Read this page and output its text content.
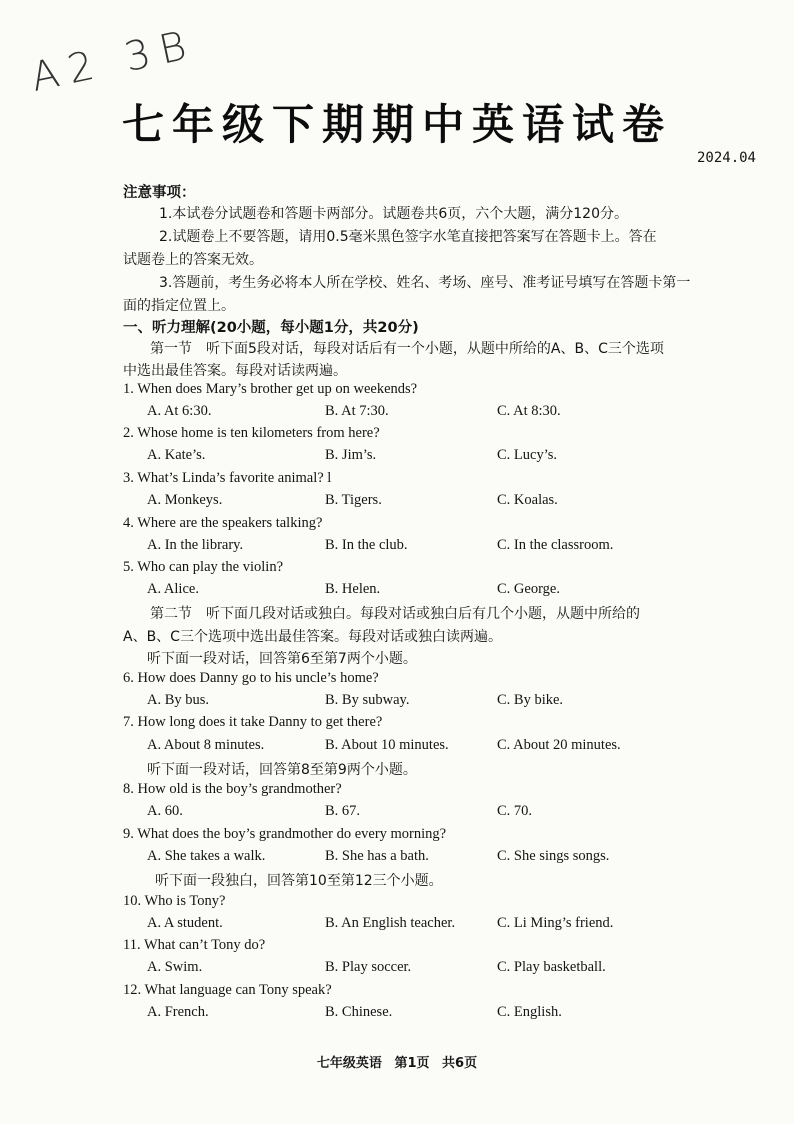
A2 3B
七年级下期期中英语试卷
2024.04
注意事项：
1.本试卷分试题卷和答题卡两部分。试题卷共6页，六个大题，满分120分。
2.试题卷上不要答题，请用0.5毫米黑色签字水笔直接把答案写在答题卡上。答在
试题卷上的答案无效。
3.答题前，考生务必将本人所在学校、姓名、考场、座号、准考证号填写在答题卡第一
面的指定位置上。
一、听力理解(20小题，每小题1分，共20分)
第一节　听下面5段对话，每段对话后有一个小题，从题中所给的A、B、C三个选项
中选出最佳答案。每段对话读两遍。
1. When does Mary’s brother get up on weekends?
A. At 6:30.	B. At 7:30.	C. At 8:30.
2. Whose home is ten kilometers from here?
A. Kate’s.	B. Jim’s.	C. Lucy’s.
3. What’s Linda’s favorite animal? l
A. Monkeys.	B. Tigers.	C. Koalas.
4. Where are the speakers talking?
A. In the library.	B. In the club.	C. In the classroom.
5. Who can play the violin?
A. Alice.	B. Helen.	C. George.
第二节　听下面几段对话或独白。每段对话或独白后有几个小题，从题中所给的
A、B、C三个选项中选出最佳答案。每段对话或独白读两遍。
听下面一段对话，回答第6至第7两个小题。
6. How does Danny go to his uncle’s home?
A. By bus.	B. By subway.	C. By bike.
7. How long does it take Danny to get there?
A. About 8 minutes.	B. About 10 minutes.	C. About 20 minutes.
听下面一段对话，回答第8至第9两个小题。
8. How old is the boy’s grandmother?
A. 60.	B. 67.	C. 70.
9. What does the boy’s grandmother do every morning?
A. She takes a walk.	B. She has a bath.	C. She sings songs.
听下面一段独白，回答第10至第12三个小题。
10. Who is Tony?
A. A student.	B. An English teacher.	C. Li Ming’s friend.
11. What can’t Tony do?
A. Swim.	B. Play soccer.	C. Play basketball.
12. What language can Tony speak?
A. French.	B. Chinese.	C. English.
七年级英语 第1页 共6页
